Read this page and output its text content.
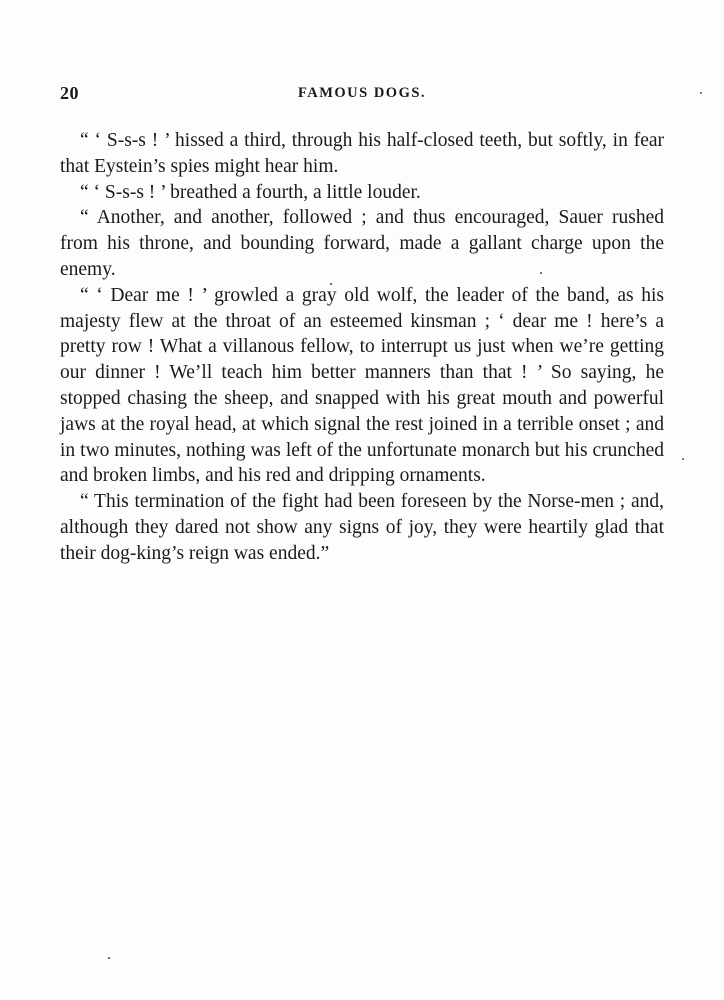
20	FAMOUS DOGS.

“ ‘ S-s-s ! ’ hissed a third, through his half-closed teeth, but softly, in fear that Eystein’s spies might hear him.

“ ‘ S-s-s ! ’ breathed a fourth, a little louder.

“ Another, and another, followed ; and thus encouraged, Sauer rushed from his throne, and bounding forward, made a gallant charge upon the enemy.

“ ‘ Dear me ! ’ growled a gray old wolf, the leader of the band, as his majesty flew at the throat of an esteemed kinsman ; ‘ dear me ! here’s a pretty row ! What a villanous fellow, to interrupt us just when we’re getting our dinner ! We’ll teach him better manners than that ! ’ So saying, he stopped chasing the sheep, and snapped with his great mouth and powerful jaws at the royal head, at which signal the rest joined in a terrible onset ; and in two minutes, nothing was left of the unfortunate monarch but his crunched and broken limbs, and his red and dripping ornaments.

“ This termination of the fight had been foreseen by the Norse-men ; and, although they dared not show any signs of joy, they were heartily glad that their dog-king’s reign was ended.”
